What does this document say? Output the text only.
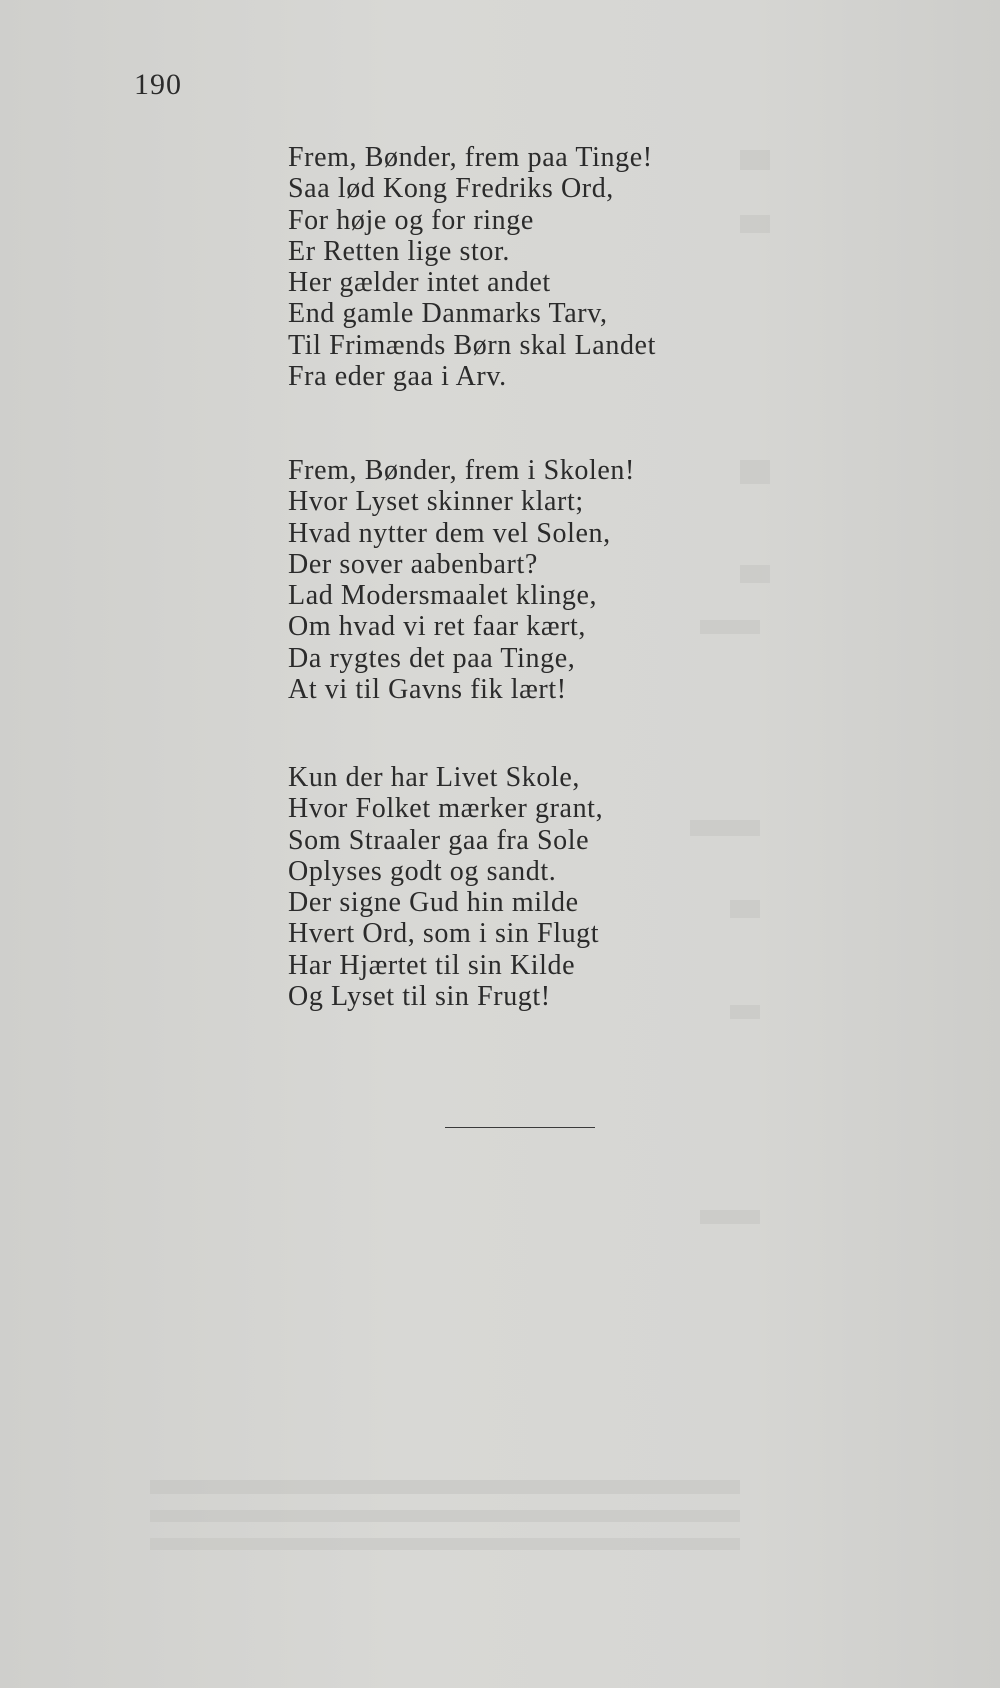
190
Frem, Bønder, frem paa Tinge!
Saa lød Kong Fredriks Ord,
For høje og for ringe
Er Retten lige stor.
Her gælder intet andet
End gamle Danmarks Tarv,
Til Frimænds Børn skal Landet
Fra eder gaa i Arv.
Frem, Bønder, frem i Skolen!
Hvor Lyset skinner klart;
Hvad nytter dem vel Solen,
Der sover aabenbart?
Lad Modersmaalet klinge,
Om hvad vi ret faar kært,
Da rygtes det paa Tinge,
At vi til Gavns fik lært!
Kun der har Livet Skole,
Hvor Folket mærker grant,
Som Straaler gaa fra Sole
Oplyses godt og sandt.
Der signe Gud hin milde
Hvert Ord, som i sin Flugt
Har Hjærtet til sin Kilde
Og Lyset til sin Frugt!
